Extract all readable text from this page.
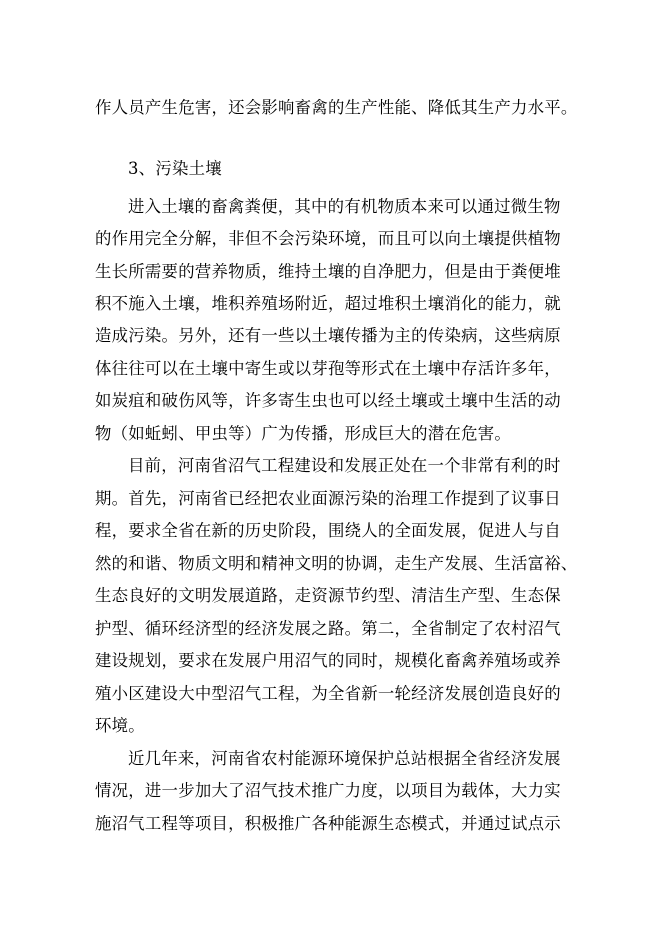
作人员产生危害，还会影响畜禽的生产性能、降低其生产力水平。
3、污染土壤
进入土壤的畜禽粪便，其中的有机物质本来可以通过微生物
的作用完全分解，非但不会污染环境，而且可以向土壤提供植物
生长所需要的营养物质，维持土壤的自净肥力，但是由于粪便堆
积不施入土壤，堆积养殖场附近，超过堆积土壤消化的能力，就
造成污染。另外，还有一些以土壤传播为主的传染病，这些病原
体往往可以在土壤中寄生或以芽孢等形式在土壤中存活许多年，
如炭疽和破伤风等，许多寄生虫也可以经土壤或土壤中生活的动
物（如蚯蚓、甲虫等）广为传播，形成巨大的潜在危害。
目前，河南省沼气工程建设和发展正处在一个非常有利的时
期。首先，河南省已经把农业面源污染的治理工作提到了议事日
程，要求全省在新的历史阶段，围绕人的全面发展，促进人与自
然的和谐、物质文明和精神文明的协调，走生产发展、生活富裕、
生态良好的文明发展道路，走资源节约型、清洁生产型、生态保
护型、循环经济型的经济发展之路。第二，全省制定了农村沼气
建设规划，要求在发展户用沼气的同时，规模化畜禽养殖场或养
殖小区建设大中型沼气工程，为全省新一轮经济发展创造良好的
环境。
近几年来，河南省农村能源环境保护总站根据全省经济发展
情况，进一步加大了沼气技术推广力度，以项目为载体，大力实
施沼气工程等项目，积极推广各种能源生态模式，并通过试点示
